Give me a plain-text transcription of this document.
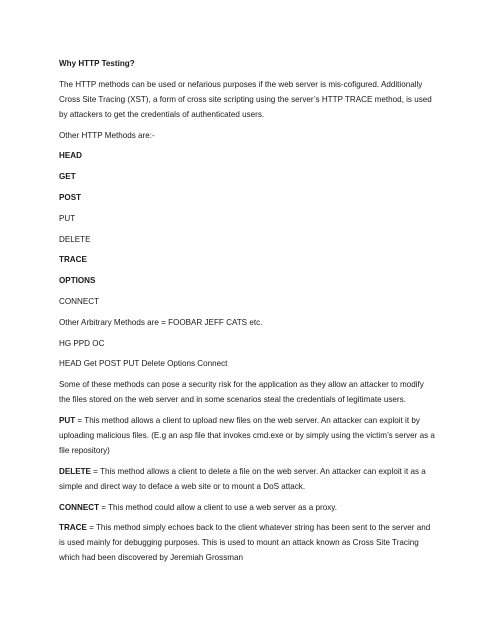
Why HTTP Testing?

The HTTP methods can be used or nefarious purposes if the web server is mis-cofigured. Additionally Cross Site Tracing (XST), a form of cross site scripting using the server’s HTTP TRACE method, is used by attackers to get the credentials of authenticated users.

Other HTTP Methods are:-

HEAD

GET

POST

PUT

DELETE

TRACE

OPTIONS

CONNECT

Other Arbitrary Methods are = FOOBAR JEFF CATS etc.

HG PPD OC

HEAD Get POST PUT Delete Options Connect

Some of these methods can pose a security risk for the application as they allow an attacker to modify the files stored on the web server and in some scenarios steal the credentials of legitimate users.

PUT = This method allows a client to upload new files on the web server. An attacker can exploit it by uploading malicious files. (E.g an asp file that invokes cmd.exe or by simply using the victim’s server as a file repository)

DELETE = This method allows a client to delete a file on the web server. An attacker can exploit it as a simple and direct way to deface a web site or to mount a DoS attack.

CONNECT = This method could allow a client to use a web server as a proxy.

TRACE = This method simply echoes back to the client whatever string has been sent to the server and is used mainly for debugging purposes. This is used to mount an attack known as Cross Site Tracing which had been discovered by Jeremiah Grossman
